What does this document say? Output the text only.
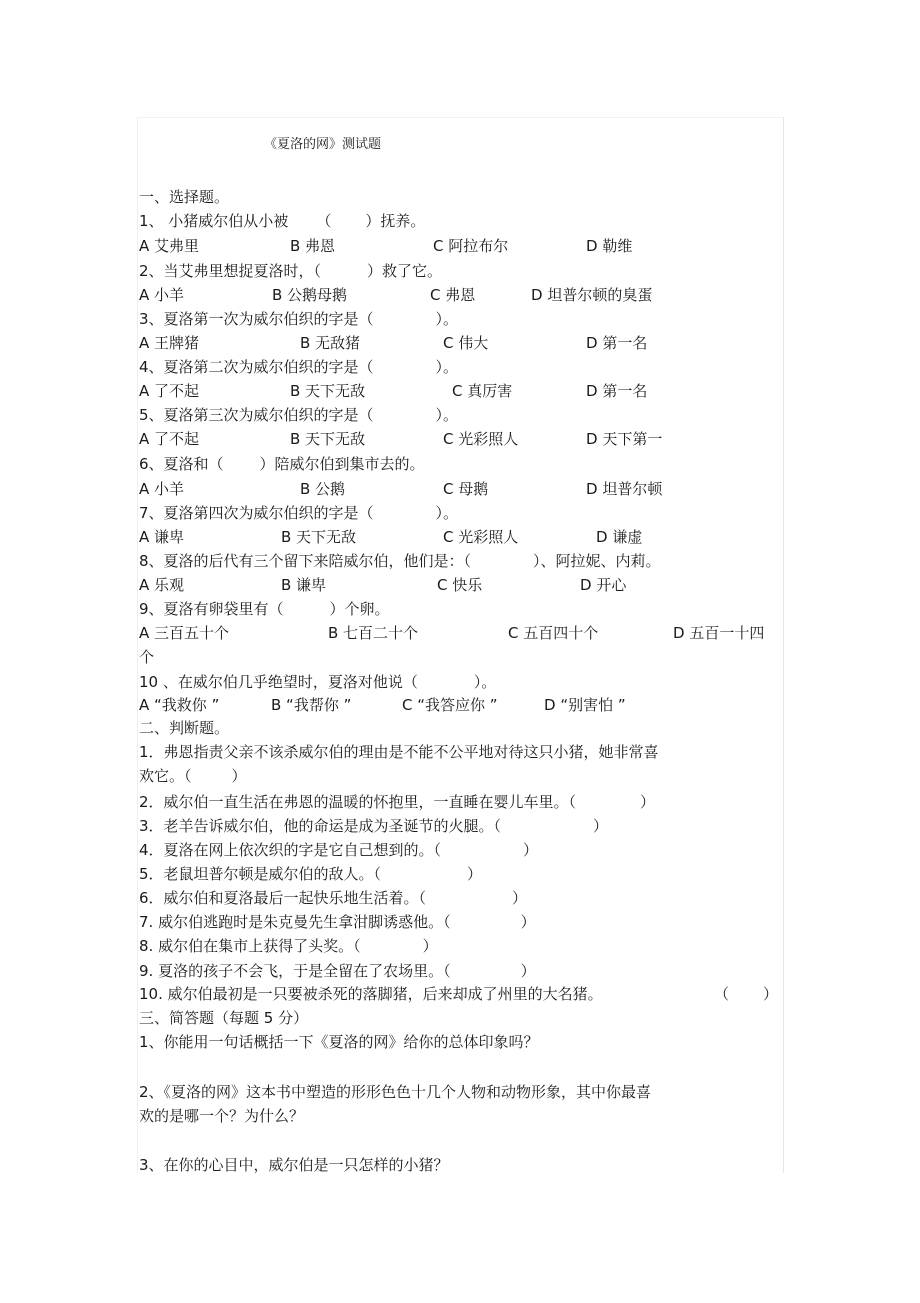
《夏洛的网》测试题
一、选择题。
1、 小猪威尔伯从小被 （ ）抚养。
A 艾弗里	B 弗恩	C 阿拉布尔	D 勒维
2、当艾弗里想捉夏洛时，（	）救了它。
A 小羊	B 公鹅母鹅	C 弗恩	D 坦普尔顿的臭蛋
3、夏洛第一次为威尔伯织的字是（	）。
A 王牌猪	B 无敌猪	C 伟大	D 第一名
4、夏洛第二次为威尔伯织的字是（	）。
A 了不起	B 天下无敌	C 真厉害	D 第一名
5、夏洛第三次为威尔伯织的字是（	）。
A 了不起	B 天下无敌	C 光彩照人	D 天下第一
6、夏洛和（ ）陪威尔伯到集市去的。
A 小羊	B 公鹅	C 母鹅	D 坦普尔顿
7、夏洛第四次为威尔伯织的字是（	）。
A 谦卑	B 天下无敌	C 光彩照人	D 谦虚
8、夏洛的后代有三个留下来陪威尔伯，他们是：（	）、阿拉妮、内莉。
A 乐观	B 谦卑	C 快乐	D 开心
9、夏洛有卵袋里有（	）个卵。
A 三百五十个	B 七百二十个	C 五百四十个	D 五百一十四
个
10 、在威尔伯几乎绝望时，夏洛对他说（	）。
A “我救你 ”	B “我帮你 ”	C “我答应你 ”	D “别害怕 ”
二、判断题。
1．弗恩指责父亲不该杀威尔伯的理由是不能不公平地对待这只小猪，她非常喜
欢它。（	）
2．威尔伯一直生活在弗恩的温暖的怀抱里，一直睡在婴儿车里。（	）
3．老羊告诉威尔伯，他的命运是成为圣诞节的火腿。（	）
4．夏洛在网上依次织的字是它自己想到的。（	）
5．老鼠坦普尔顿是威尔伯的敌人。（	）
6．威尔伯和夏洛最后一起快乐地生活着。（	）
7. 威尔伯逃跑时是朱克曼先生拿泔脚诱惑他。（	）
8. 威尔伯在集市上获得了头奖。（	）
9. 夏洛的孩子不会飞，于是全留在了农场里。（	）
10. 威尔伯最初是一只要被杀死的落脚猪，后来却成了州里的大名猪。	（ ）
三、简答题（每题 5 分）
1、你能用一句话概括一下《夏洛的网》给你的总体印象吗？
2、《夏洛的网》这本书中塑造的形形色色十几个人物和动物形象，其中你最喜
欢的是哪一个？为什么？
3、在你的心目中，威尔伯是一只怎样的小猪？
